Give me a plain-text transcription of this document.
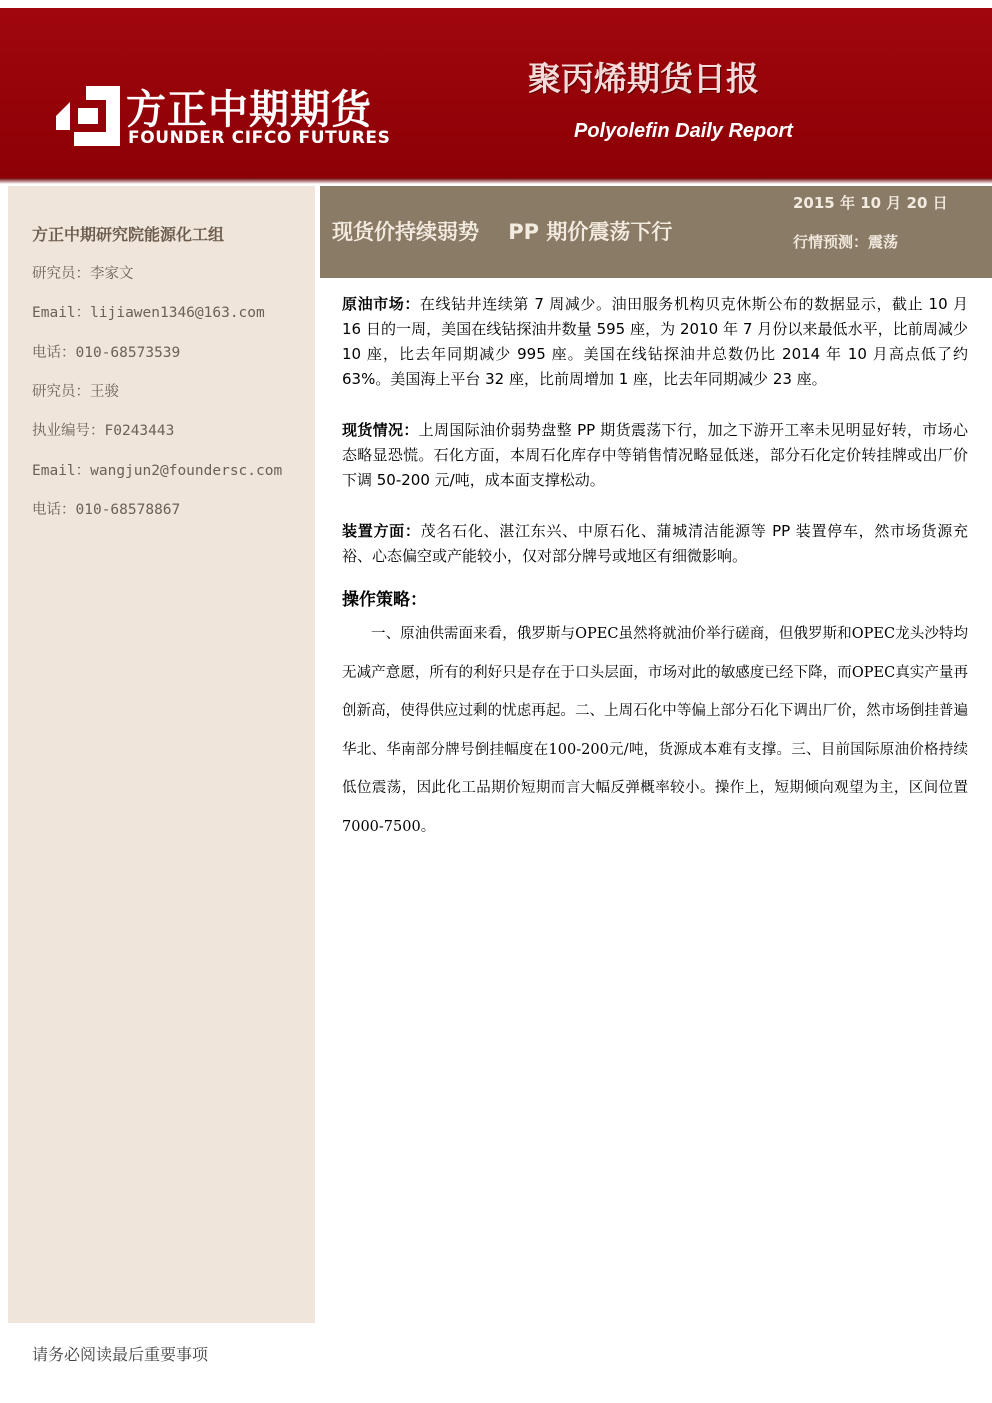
方正中期期货
FOUNDER CIFCO FUTURES
聚丙烯期货日报
Polyolefin Daily Report
方正中期研究院能源化工组
研究员：李家文
Email：lijiawen1346@163.com
电话：010-68573539
研究员：王骏
执业编号：F0243443
Email：wangjun2@foundersc.com
电话：010-68578867
现货价持续弱势    PP 期价震荡下行
2015 年 10 月 20 日
行情预测：震荡

原油市场：在线钻井连续第 7 周减少。油田服务机构贝克休斯公布的数据显示，截止 10 月 16 日的一周，美国在线钻探油井数量 595 座，为 2010 年 7 月份以来最低水平，比前周减少 10 座，比去年同期减少 995 座。美国在线钻探油井总数仍比 2014 年 10 月高点低了约 63%。美国海上平台 32 座，比前周增加 1 座，比去年同期减少 23 座。

现货情况：上周国际油价弱势盘整 PP 期货震荡下行，加之下游开工率未见明显好转，市场心态略显恐慌。石化方面，本周石化库存中等销售情况略显低迷，部分石化定价转挂牌或出厂价下调 50-200 元/吨，成本面支撑松动。

装置方面：茂名石化、湛江东兴、中原石化、蒲城清洁能源等 PP 装置停车，然市场货源充裕、心态偏空或产能较小，仅对部分牌号或地区有细微影响。

操作策略：

一、原油供需面来看，俄罗斯与OPEC虽然将就油价举行磋商，但俄罗斯和OPEC龙头沙特均无减产意愿，所有的利好只是存在于口头层面，市场对此的敏感度已经下降，而OPEC真实产量再创新高，使得供应过剩的忧虑再起。二、上周石化中等偏上部分石化下调出厂价，然市场倒挂普遍华北、华南部分牌号倒挂幅度在100-200元/吨，货源成本难有支撑。三、目前国际原油价格持续低位震荡，因此化工品期价短期而言大幅反弹概率较小。操作上，短期倾向观望为主，区间位置7000-7500。

请务必阅读最后重要事项
